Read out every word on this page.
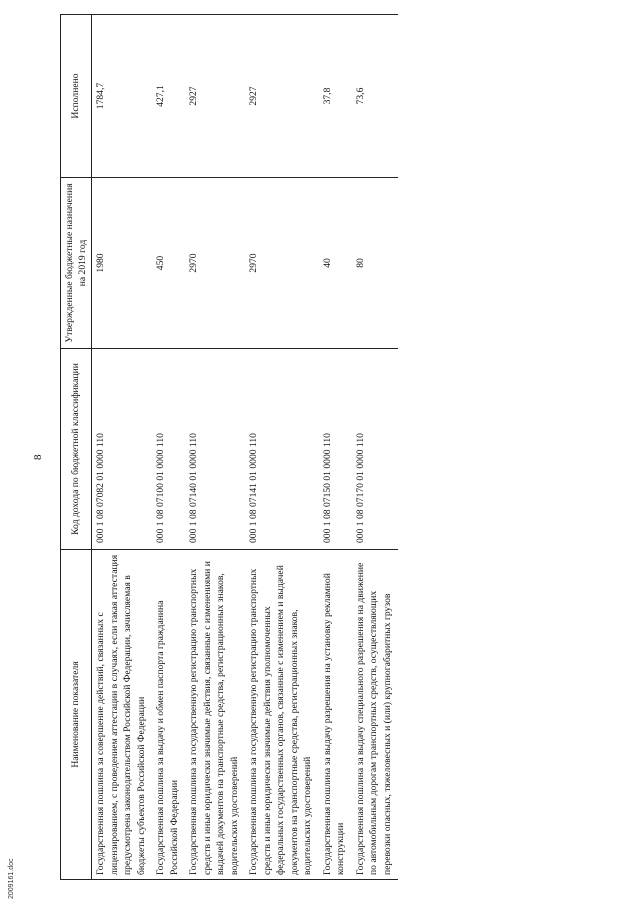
8
Наименование показателя	Код дохода по бюджетной классификации	Утвержденные бюджетные назначения на 2019 год	Исполнено
Государственная пошлина за совершение действий, связанных с лицензированием, с проведением аттестации в случаях, если такая аттестация предусмотрена законодательством Российской Федерации, зачисляемая в бюджеты субъектов Российской Федерации	000 1 08 07082 01 0000 110	1980	1784,7
Государственная пошлина за выдачу и обмен паспорта гражданина Российской Федерации	000 1 08 07100 01 0000 110	450	427,1
Государственная пошлина за государственную регистрацию транспортных средств и иные юридически значимые действия, связанные с изменениями и выдачей документов на транспортные средства, регистрационных знаков, водительских удостоверений	000 1 08 07140 01 0000 110	2970	2927
Государственная пошлина за государственную регистрацию транспортных средств и иные юридически значимые действия уполномоченных федеральных государственных органов, связанные с изменением и выдачей документов на транспортные средства, регистрационных знаков, водительских удостоверений	000 1 08 07141 01 0000 110	2970	2927
Государственная пошлина за выдачу разрешения на установку рекламной конструкции	000 1 08 07150 01 0000 110	40	37,8
Государственная пошлина за выдачу специального разрешения на движение по автомобильным дорогам транспортных средств, осуществляющих перевозки опасных, тяжеловесных и (или) крупногабаритных грузов	000 1 08 07170 01 0000 110	80	73,6
2009161.doc
